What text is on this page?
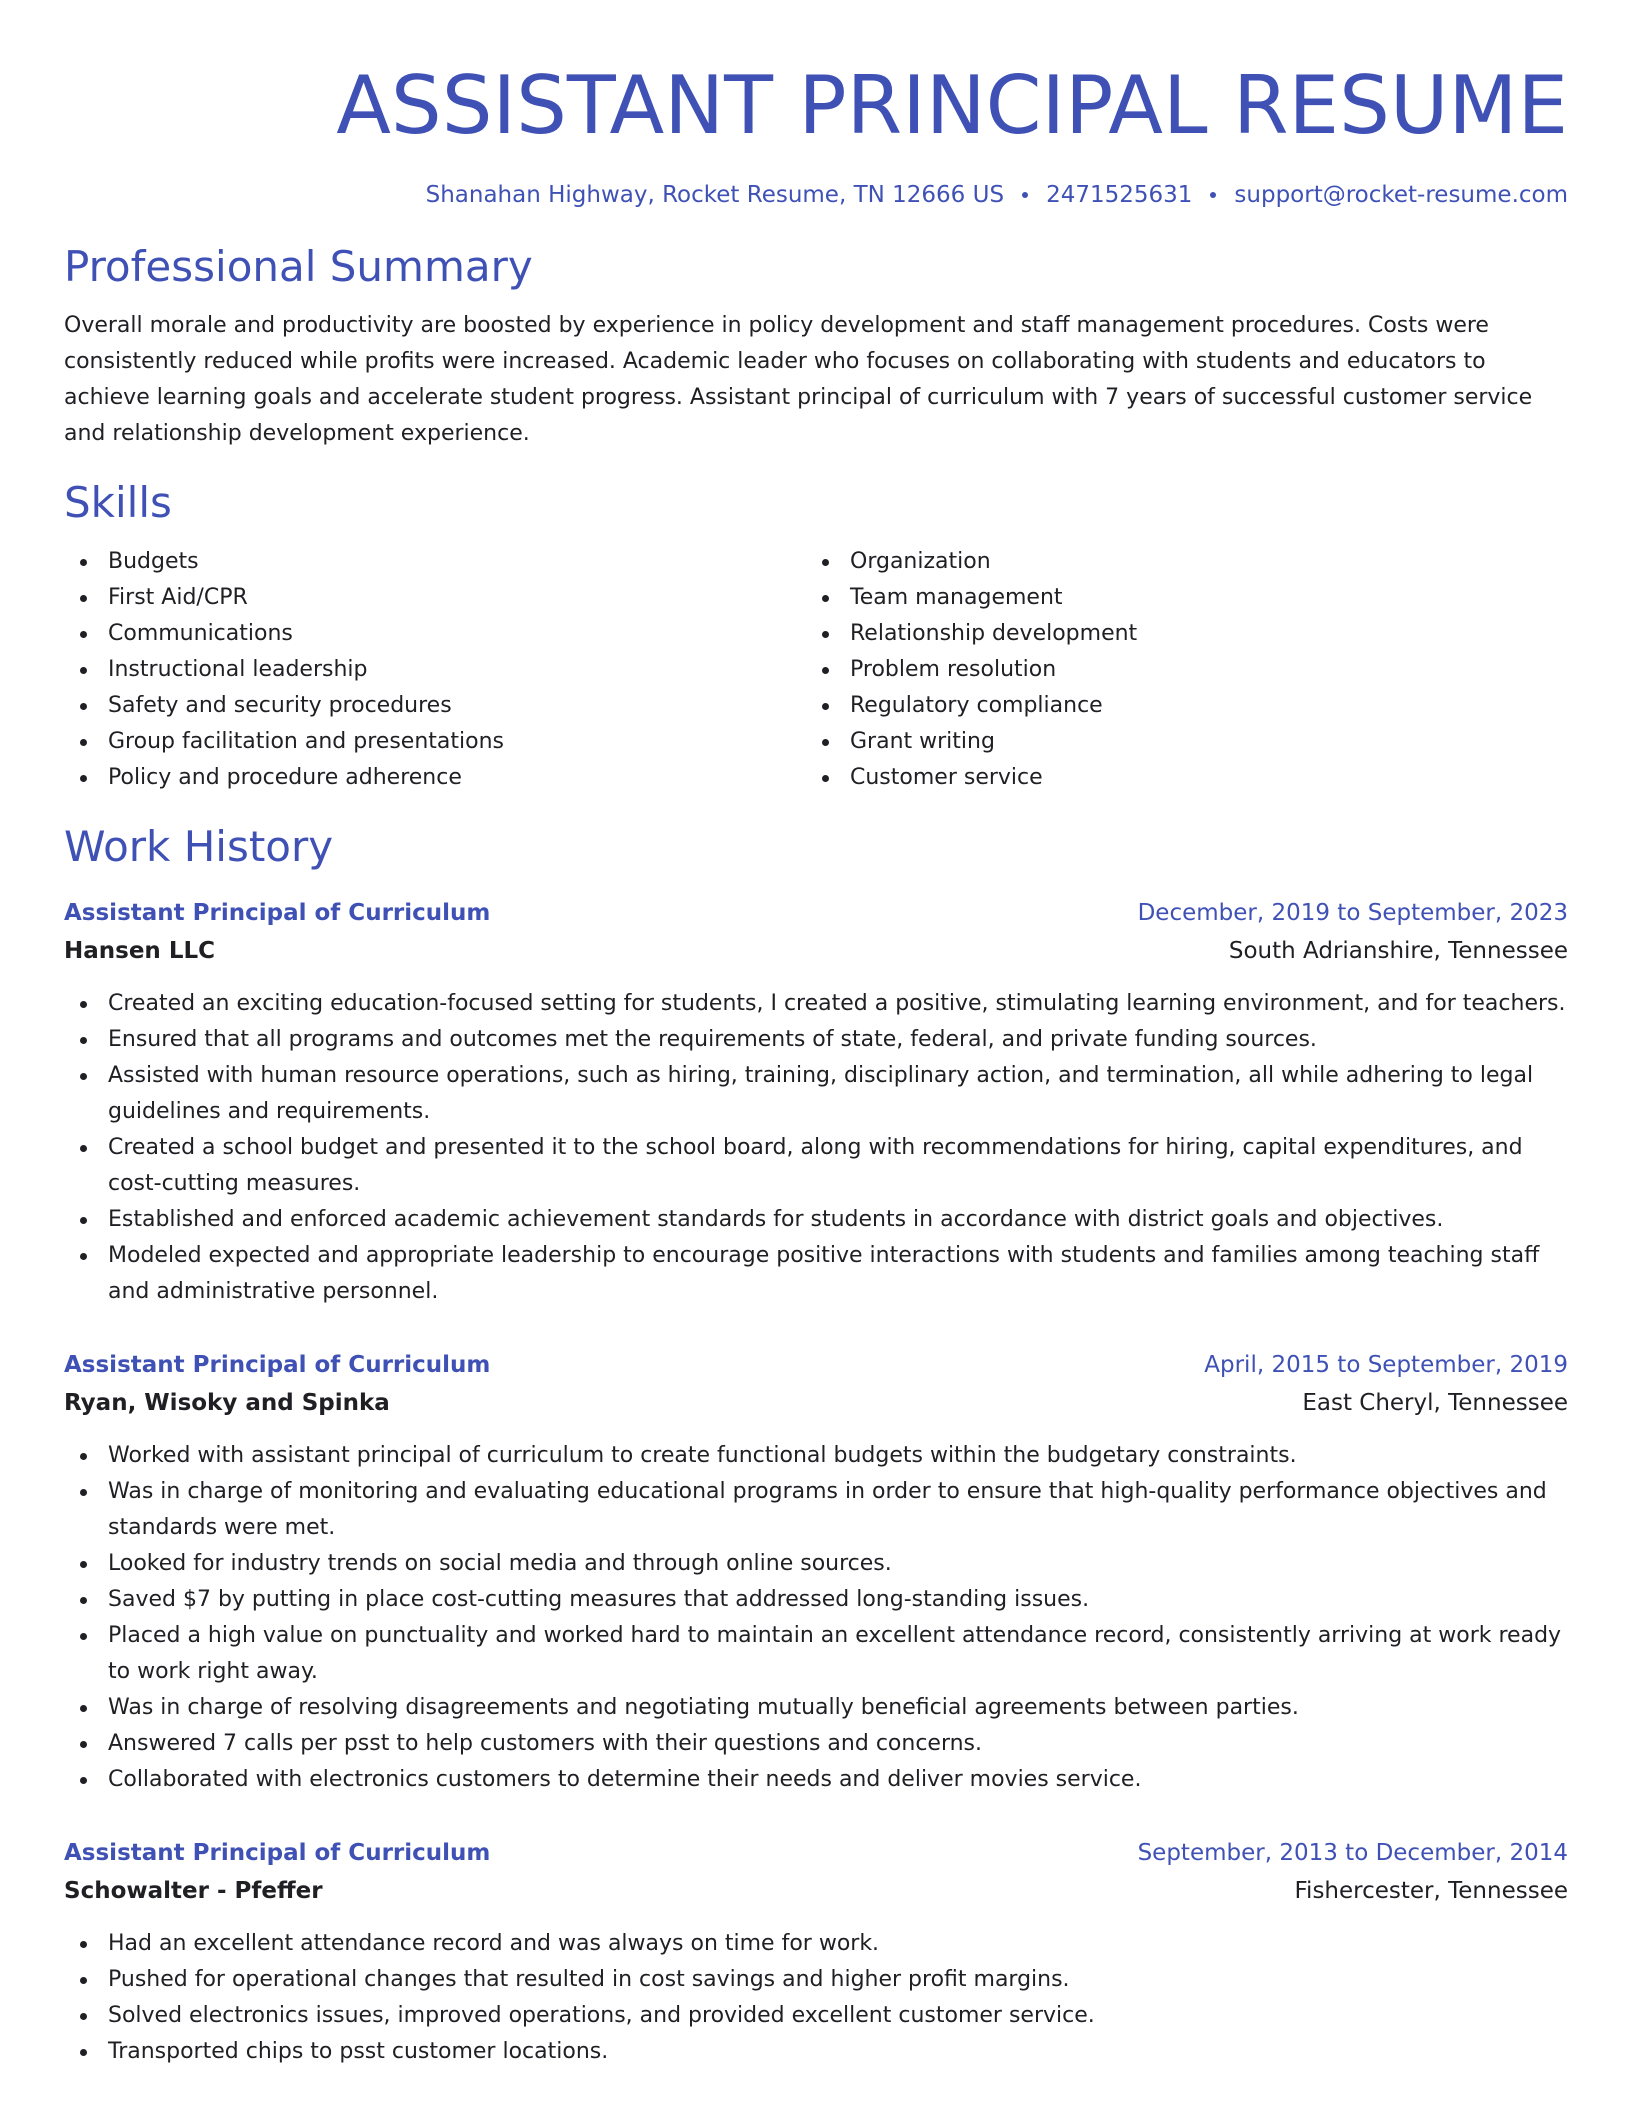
ASSISTANT PRINCIPAL RESUME
Shanahan Highway, Rocket Resume, TN 12666 US 2471525631 support@rocket-resume.com
Professional Summary
Overall morale and productivity are boosted by experience in policy development and staff management procedures. Costs were consistently reduced while profits were increased. Academic leader who focuses on collaborating with students and educators to achieve learning goals and accelerate student progress. Assistant principal of curriculum with 7 years of successful customer service and relationship development experience.
Skills
Budgets
First Aid/CPR
Communications
Instructional leadership
Safety and security procedures
Group facilitation and presentations
Policy and procedure adherence
Organization
Team management
Relationship development
Problem resolution
Regulatory compliance
Grant writing
Customer service
Work History
Assistant Principal of Curriculum	December, 2019 to September, 2023
Hansen LLC	South Adrianshire, Tennessee
Created an exciting education-focused setting for students, I created a positive, stimulating learning environment, and for teachers.
Ensured that all programs and outcomes met the requirements of state, federal, and private funding sources.
Assisted with human resource operations, such as hiring, training, disciplinary action, and termination, all while adhering to legal guidelines and requirements.
Created a school budget and presented it to the school board, along with recommendations for hiring, capital expenditures, and cost-cutting measures.
Established and enforced academic achievement standards for students in accordance with district goals and objectives.
Modeled expected and appropriate leadership to encourage positive interactions with students and families among teaching staff and administrative personnel.
Assistant Principal of Curriculum	April, 2015 to September, 2019
Ryan, Wisoky and Spinka	East Cheryl, Tennessee
Worked with assistant principal of curriculum to create functional budgets within the budgetary constraints.
Was in charge of monitoring and evaluating educational programs in order to ensure that high-quality performance objectives and standards were met.
Looked for industry trends on social media and through online sources.
Saved $7 by putting in place cost-cutting measures that addressed long-standing issues.
Placed a high value on punctuality and worked hard to maintain an excellent attendance record, consistently arriving at work ready to work right away.
Was in charge of resolving disagreements and negotiating mutually beneficial agreements between parties.
Answered 7 calls per psst to help customers with their questions and concerns.
Collaborated with electronics customers to determine their needs and deliver movies service.
Assistant Principal of Curriculum	September, 2013 to December, 2014
Schowalter - Pfeffer	Fishercester, Tennessee
Had an excellent attendance record and was always on time for work.
Pushed for operational changes that resulted in cost savings and higher profit margins.
Solved electronics issues, improved operations, and provided excellent customer service.
Transported chips to psst customer locations.
